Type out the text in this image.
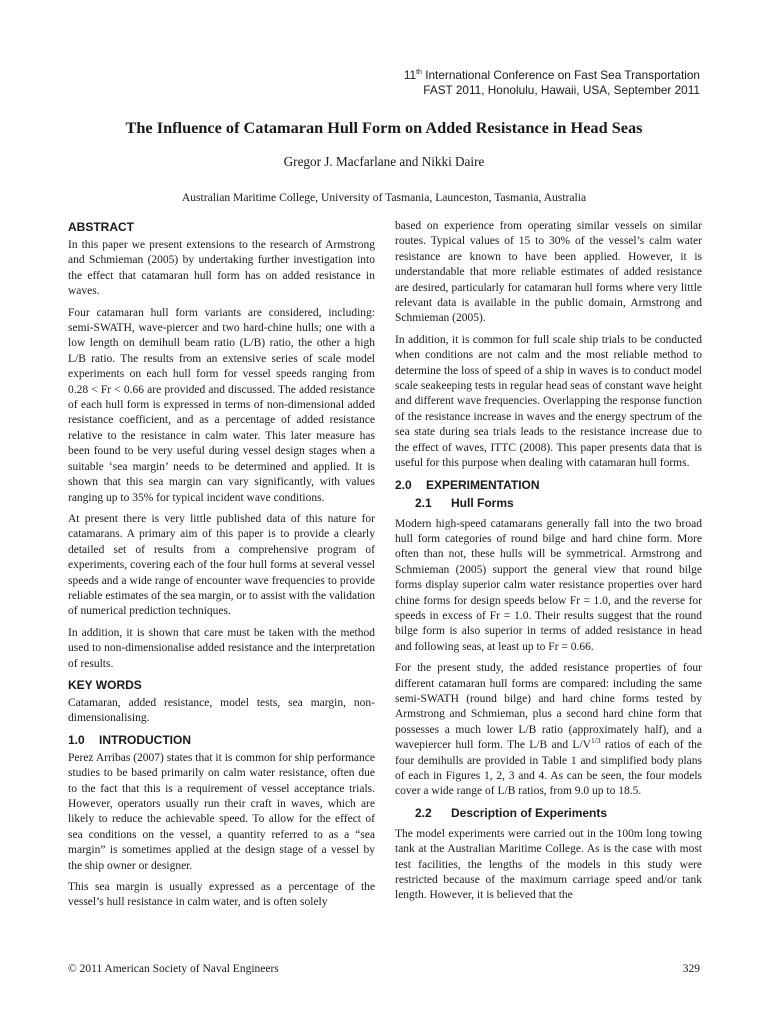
11th International Conference on Fast Sea Transportation
FAST 2011, Honolulu, Hawaii, USA, September 2011
The Influence of Catamaran Hull Form on Added Resistance in Head Seas
Gregor J. Macfarlane and Nikki Daire
Australian Maritime College, University of Tasmania, Launceston, Tasmania, Australia
ABSTRACT

In this paper we present extensions to the research of Armstrong and Schmieman (2005) by undertaking further investigation into the effect that catamaran hull form has on added resistance in waves.

Four catamaran hull form variants are considered, including: semi-SWATH, wave-piercer and two hard-chine hulls; one with a low length on demihull beam ratio (L/B) ratio, the other a high L/B ratio. The results from an extensive series of scale model experiments on each hull form for vessel speeds ranging from 0.28 < Fr < 0.66 are provided and discussed. The added resistance of each hull form is expressed in terms of non-dimensional added resistance coefficient, and as a percentage of added resistance relative to the resistance in calm water. This later measure has been found to be very useful during vessel design stages when a suitable ‘sea margin’ needs to be determined and applied. It is shown that this sea margin can vary significantly, with values ranging up to 35% for typical incident wave conditions.

At present there is very little published data of this nature for catamarans. A primary aim of this paper is to provide a clearly detailed set of results from a comprehensive program of experiments, covering each of the four hull forms at several vessel speeds and a wide range of encounter wave frequencies to provide reliable estimates of the sea margin, or to assist with the validation of numerical prediction techniques.

In addition, it is shown that care must be taken with the method used to non-dimensionalise added resistance and the interpretation of results.

KEY WORDS

Catamaran, added resistance, model tests, sea margin, non-dimensionalising.

1.0 INTRODUCTION

Perez Arribas (2007) states that it is common for ship performance studies to be based primarily on calm water resistance, often due to the fact that this is a requirement of vessel acceptance trials. However, operators usually run their craft in waves, which are likely to reduce the achievable speed. To allow for the effect of sea conditions on the vessel, a quantity referred to as a “sea margin” is sometimes applied at the design stage of a vessel by the ship owner or designer.

This sea margin is usually expressed as a percentage of the vessel’s hull resistance in calm water, and is often solely

based on experience from operating similar vessels on similar routes. Typical values of 15 to 30% of the vessel’s calm water resistance are known to have been applied. However, it is understandable that more reliable estimates of added resistance are desired, particularly for catamaran hull forms where very little relevant data is available in the public domain, Armstrong and Schmieman (2005).

In addition, it is common for full scale ship trials to be conducted when conditions are not calm and the most reliable method to determine the loss of speed of a ship in waves is to conduct model scale seakeeping tests in regular head seas of constant wave height and different wave frequencies. Overlapping the response function of the resistance increase in waves and the energy spectrum of the sea state during sea trials leads to the resistance increase due to the effect of waves, ITTC (2008). This paper presents data that is useful for this purpose when dealing with catamaran hull forms.

2.0 EXPERIMENTATION
2.1 Hull Forms

Modern high-speed catamarans generally fall into the two broad hull form categories of round bilge and hard chine form. More often than not, these hulls will be symmetrical. Armstrong and Schmieman (2005) support the general view that round bilge forms display superior calm water resistance properties over hard chine forms for design speeds below Fr = 1.0, and the reverse for speeds in excess of Fr = 1.0. Their results suggest that the round bilge form is also superior in terms of added resistance in head and following seas, at least up to Fr = 0.66.

For the present study, the added resistance properties of four different catamaran hull forms are compared: including the same semi-SWATH (round bilge) and hard chine forms tested by Armstrong and Schmieman, plus a second hard chine form that possesses a much lower L/B ratio (approximately half), and a wavepiercer hull form. The L/B and $L/V^{1/3}$ ratios of each of the four demihulls are provided in Table 1 and simplified body plans of each in Figures 1, 2, 3 and 4. As can be seen, the four models cover a wide range of L/B ratios, from 9.0 up to 18.5.

2.2 Description of Experiments

The model experiments were carried out in the 100m long towing tank at the Australian Maritime College. As is the case with most test facilities, the lengths of the models in this study were restricted because of the maximum carriage speed and/or tank length. However, it is believed that the

© 2011 American Society of Naval Engineers	329
